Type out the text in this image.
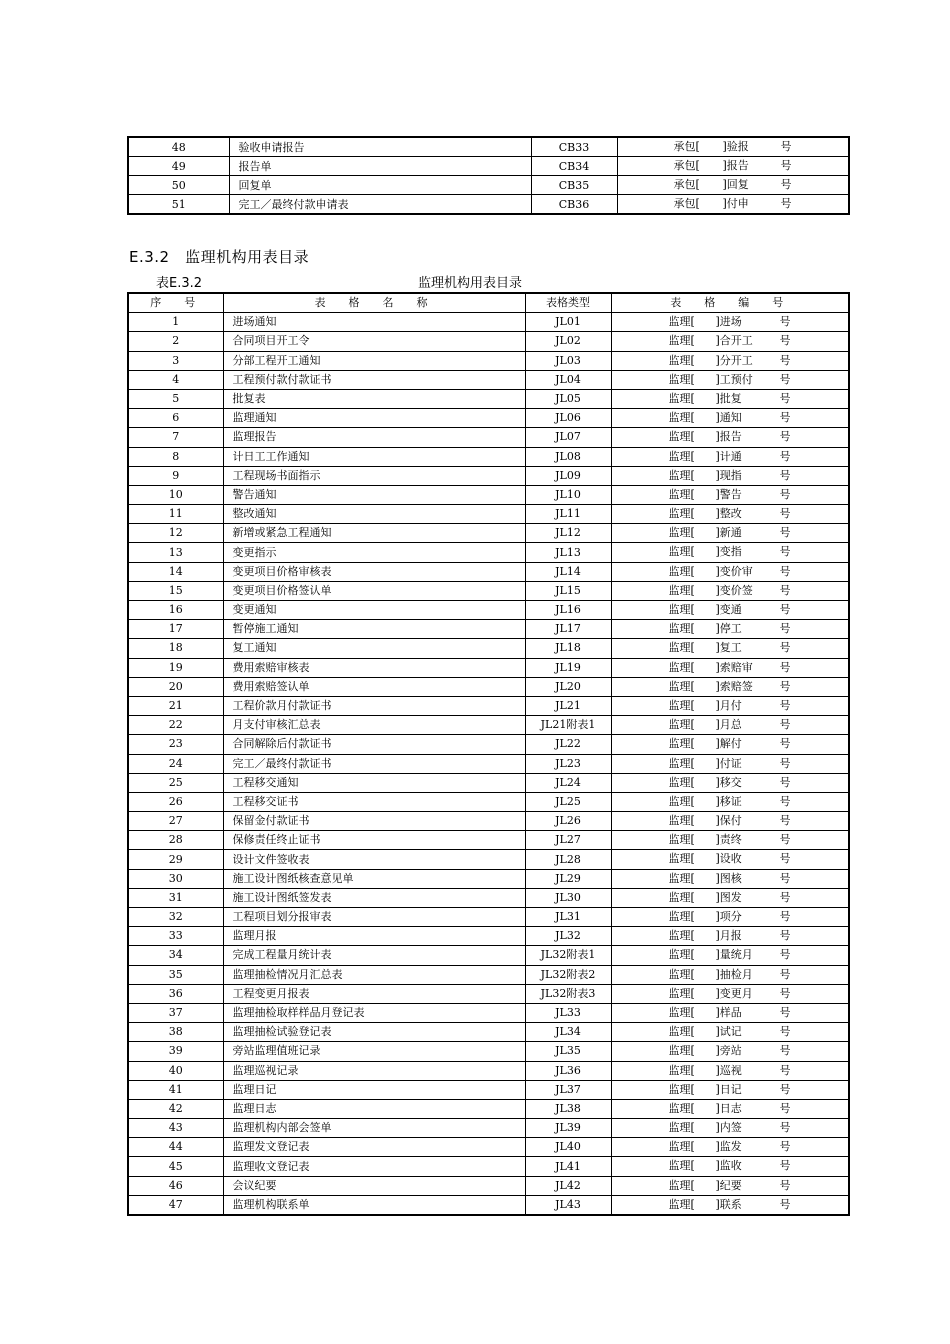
48	验收申请报告	CB33	承包[ ]验报 号

49	报告单	CB34	承包[ ]报告 号

50	回复单	CB35	承包[ ]回复 号

51	完工／最终付款申请表	CB36	承包[ ]付申 号
E.3.2　监理机构用表目录
表E.3.2	监理机构用表目录
序　号	表　格　名　称	表格类型	表　格　编　号
1	进场通知	JL01	监理[ ]进场 号

2	合同项目开工令	JL02	监理[ ]合开工 号

3	分部工程开工通知	JL03	监理[ ]分开工 号

4	工程预付款付款证书	JL04	监理[ ]工预付 号

5	批复表	JL05	监理[ ]批复 号

6	监理通知	JL06	监理[ ]通知 号

7	监理报告	JL07	监理[ ]报告 号

8	计日工工作通知	JL08	监理[ ]计通 号

9	工程现场书面指示	JL09	监理[ ]现指 号

10	警告通知	JL10	监理[ ]警告 号

11	整改通知	JL11	监理[ ]整改 号

12	新增或紧急工程通知	JL12	监理[ ]新通 号

13	变更指示	JL13	监理[ ]变指 号

14	变更项目价格审核表	JL14	监理[ ]变价审 号

15	变更项目价格签认单	JL15	监理[ ]变价签 号

16	变更通知	JL16	监理[ ]变通 号

17	暂停施工通知	JL17	监理[ ]停工 号

18	复工通知	JL18	监理[ ]复工 号

19	费用索赔审核表	JL19	监理[ ]索赔审 号

20	费用索赔签认单	JL20	监理[ ]索赔签 号

21	工程价款月付款证书	JL21	监理[ ]月付 号

22	月支付审核汇总表	JL21附表1	监理[ ]月总 号

23	合同解除后付款证书	JL22	监理[ ]解付 号

24	完工／最终付款证书	JL23	监理[ ]付证 号

25	工程移交通知	JL24	监理[ ]移交 号

26	工程移交证书	JL25	监理[ ]移证 号

27	保留金付款证书	JL26	监理[ ]保付 号

28	保修责任终止证书	JL27	监理[ ]责终 号

29	设计文件签收表	JL28	监理[ ]设收 号

30	施工设计图纸核查意见单	JL29	监理[ ]图核 号

31	施工设计图纸签发表	JL30	监理[ ]图发 号

32	工程项目划分报审表	JL31	监理[ ]项分 号

33	监理月报	JL32	监理[ ]月报 号

34	完成工程量月统计表	JL32附表1	监理[ ]量统月 号

35	监理抽检情况月汇总表	JL32附表2	监理[ ]抽检月 号

36	工程变更月报表	JL32附表3	监理[ ]变更月 号

37	监理抽检取样样品月登记表	JL33	监理[ ]样品 号

38	监理抽检试验登记表	JL34	监理[ ]试记 号

39	旁站监理值班记录	JL35	监理[ ]旁站 号

40	监理巡视记录	JL36	监理[ ]巡视 号

41	监理日记	JL37	监理[ ]日记 号

42	监理日志	JL38	监理[ ]日志 号

43	监理机构内部会签单	JL39	监理[ ]内签 号

44	监理发文登记表	JL40	监理[ ]监发 号

45	监理收文登记表	JL41	监理[ ]监收 号

46	会议纪要	JL42	监理[ ]纪要 号

47	监理机构联系单	JL43	监理[ ]联系 号
